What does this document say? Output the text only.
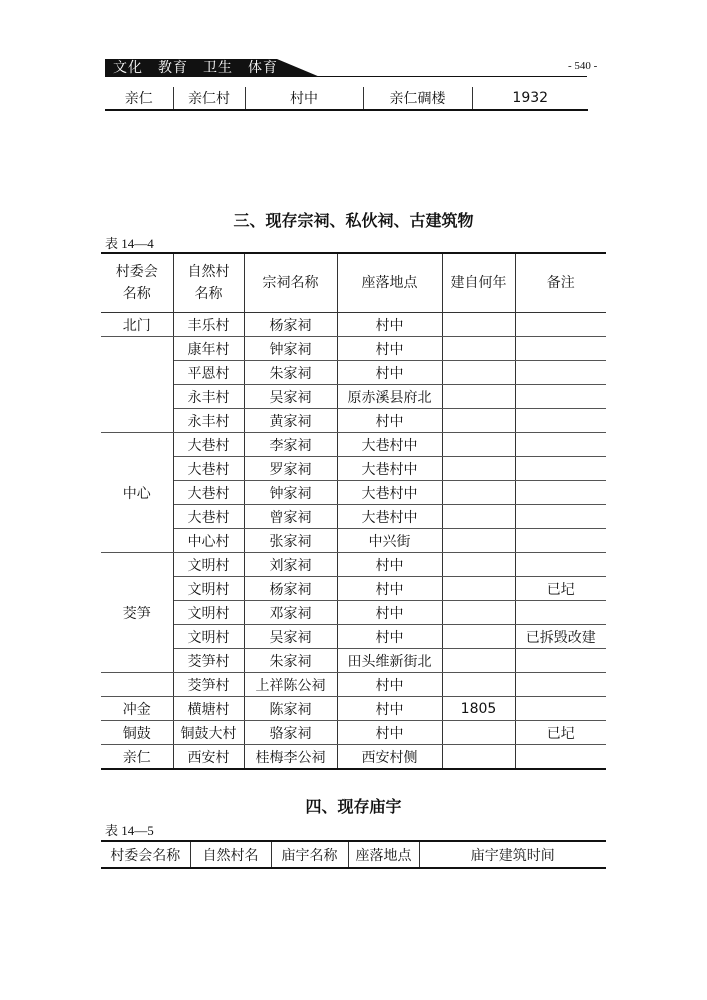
文化　教育　卫生　体育	- 540 -
亲仁	亲仁村	村中	亲仁碉楼	1932
三、现存宗祠、私伙祠、古建筑物
表 14—4
村委会
名称	自然村
名称	宗祠名称	座落地点	建自何年	备注
北门	丰乐村	杨家祠	村中		
	康年村	钟家祠	村中		
	平恩村	朱家祠	村中		
	永丰村	吴家祠	原赤溪县府北		
	永丰村	黄家祠	村中		
中心	大巷村	李家祠	大巷村中		
	大巷村	罗家祠	大巷村中		
	大巷村	钟家祠	大巷村中		
	大巷村	曾家祠	大巷村中		
	中心村	张家祠	中兴街		
茭笋	文明村	刘家祠	村中		
	文明村	杨家祠	村中		已圮
	文明村	邓家祠	村中		
	文明村	吴家祠	村中		已拆毁改建
	茭笋村	朱家祠	田头维新街北		
	茭笋村	上祥陈公祠	村中		
冲金	横塘村	陈家祠	村中	1805	
铜鼓	铜鼓大村	骆家祠	村中		已圮
亲仁	西安村	桂梅李公祠	西安村侧		
四、现存庙宇
表 14—5
村委会名称	自然村名	庙宇名称	座落地点	庙宇建筑时间
